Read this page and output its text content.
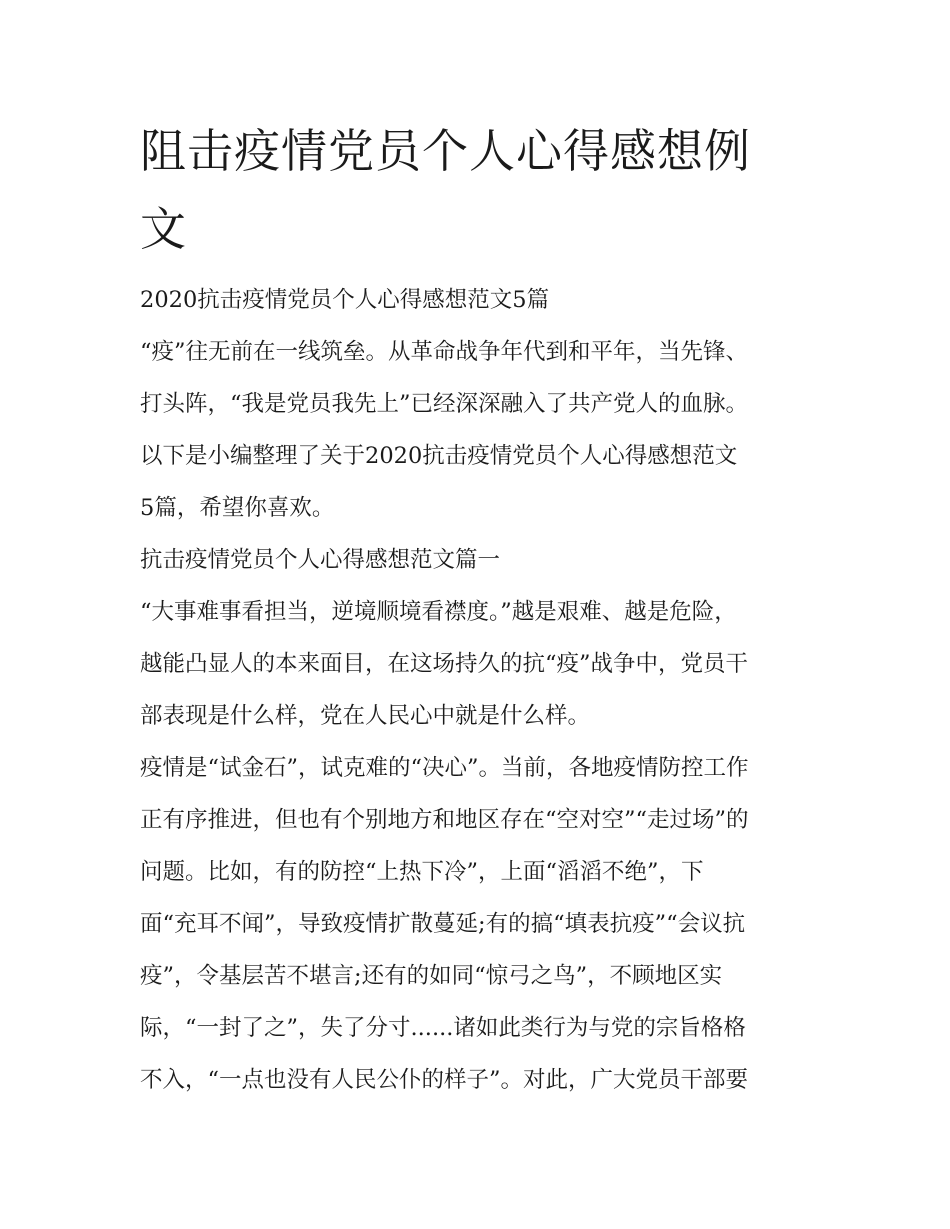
阻击疫情党员个人心得感想例
文
2020抗击疫情党员个人心得感想范文5篇
“疫”往无前在一线筑垒。从革命战争年代到和平年，当先锋、
打头阵，“我是党员我先上”已经深深融入了共产党人的血脉。
以下是小编整理了关于2020抗击疫情党员个人心得感想范文
5篇，希望你喜欢。
抗击疫情党员个人心得感想范文篇一
“大事难事看担当，逆境顺境看襟度。”越是艰难、越是危险，
越能凸显人的本来面目，在这场持久的抗“疫”战争中，党员干
部表现是什么样，党在人民心中就是什么样。
疫情是“试金石”，试克难的“决心”。当前，各地疫情防控工作
正有序推进，但也有个别地方和地区存在“空对空”“走过场”的
问题。比如，有的防控“上热下冷”，上面“滔滔不绝”，下
面“充耳不闻”，导致疫情扩散蔓延;有的搞“填表抗疫”“会议抗
疫”，令基层苦不堪言;还有的如同“惊弓之鸟”，不顾地区实
际，“一封了之”，失了分寸......诸如此类行为与党的宗旨格格
不入，“一点也没有人民公仆的样子”。对此，广大党员干部要
